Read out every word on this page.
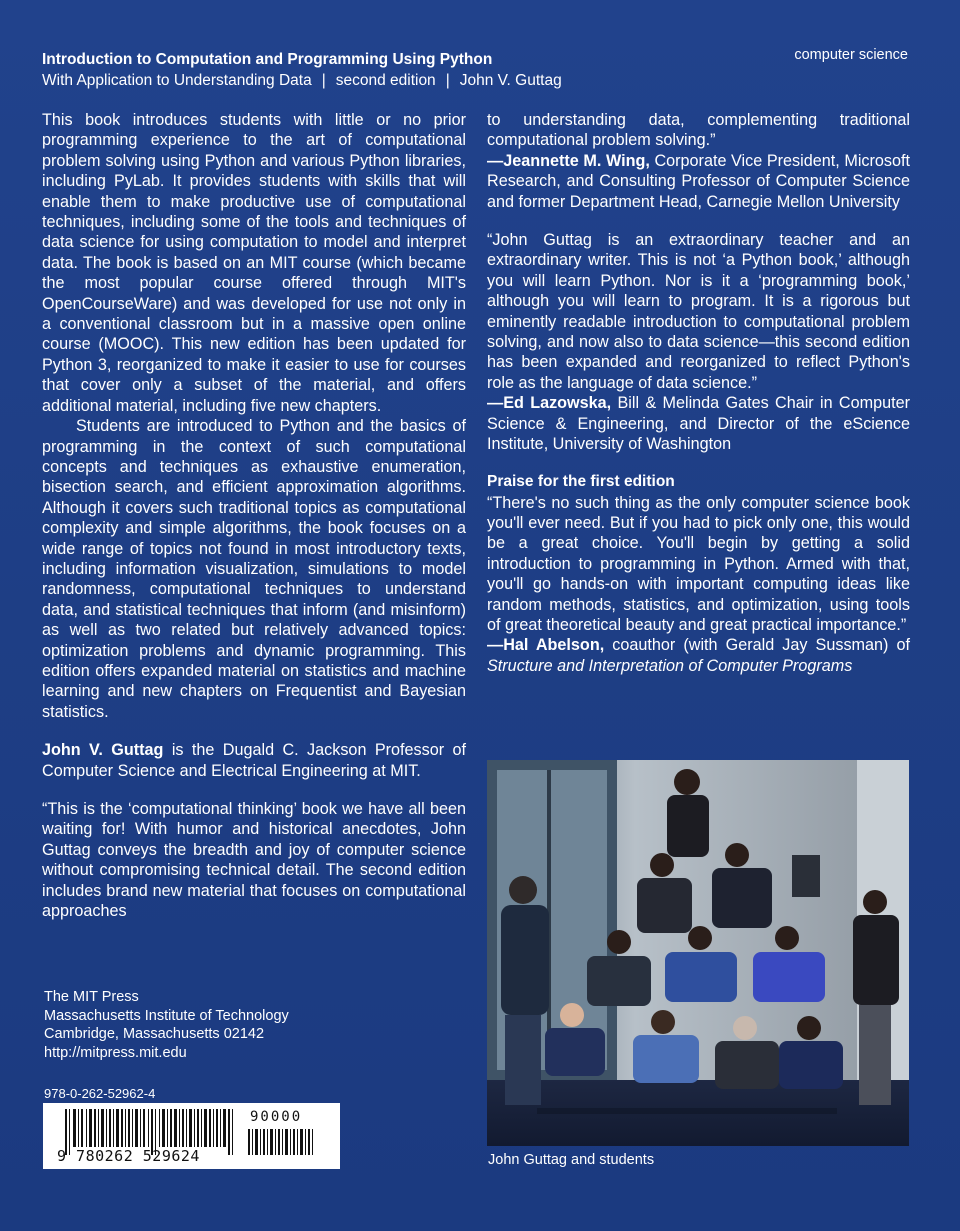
Introduction to Computation and Programming Using Python
With Application to Understanding Data | second edition | John V. Guttag
computer science

This book introduces students with little or no prior programming experience to the art of computational problem solving using Python and various Python libraries, including PyLab. It provides students with skills that will enable them to make productive use of computational techniques, including some of the tools and techniques of data science for using computation to model and interpret data. The book is based on an MIT course (which became the most popular course offered through MIT's OpenCourseWare) and was developed for use not only in a conventional classroom but in a massive open online course (MOOC). This new edition has been updated for Python 3, reorganized to make it easier to use for courses that cover only a subset of the material, and offers additional material, including five new chapters.

Students are introduced to Python and the basics of programming in the context of such computational concepts and techniques as exhaustive enumeration, bisection search, and efficient approximation algorithms. Although it covers such traditional topics as computational complexity and simple algorithms, the book focuses on a wide range of topics not found in most introductory texts, including information visualization, simulations to model randomness, computational techniques to understand data, and statistical techniques that inform (and misinform) as well as two related but relatively advanced topics: optimization problems and dynamic programming. This edition offers expanded material on statistics and machine learning and new chapters on Frequentist and Bayesian statistics.

John V. Guttag is the Dugald C. Jackson Professor of Computer Science and Electrical Engineering at MIT.

“This is the ‘computational thinking’ book we have all been waiting for! With humor and historical anecdotes, John Guttag conveys the breadth and joy of computer science without compromising technical detail. The second edition includes brand new material that focuses on computational approaches

to understanding data, complementing traditional computational problem solving.”

—Jeannette M. Wing, Corporate Vice President, Microsoft Research, and Consulting Professor of Computer Science and former Department Head, Carnegie Mellon University

“John Guttag is an extraordinary teacher and an extraordinary writer. This is not ‘a Python book,’ although you will learn Python. Nor is it a ‘programming book,’ although you will learn to program. It is a rigorous but eminently readable introduction to computational problem solving, and now also to data science—this second edition has been expanded and reorganized to reflect Python's role as the language of data science.”

—Ed Lazowska, Bill & Melinda Gates Chair in Computer Science & Engineering, and Director of the eScience Institute, University of Washington

Praise for the first edition

“There's no such thing as the only computer science book you'll ever need. But if you had to pick only one, this would be a great choice. You'll begin by getting a solid introduction to programming in Python. Armed with that, you'll go hands-on with important computing ideas like random methods, statistics, and optimization, using tools of great theoretical beauty and great practical importance.”

—Hal Abelson, coauthor (with Gerald Jay Sussman) of Structure and Interpretation of Computer Programs

The MIT Press
Massachusetts Institute of Technology
Cambridge, Massachusetts 02142
http://mitpress.mit.edu
978-0-262-52962-4
9 780262 529624
90000
John Guttag and students
